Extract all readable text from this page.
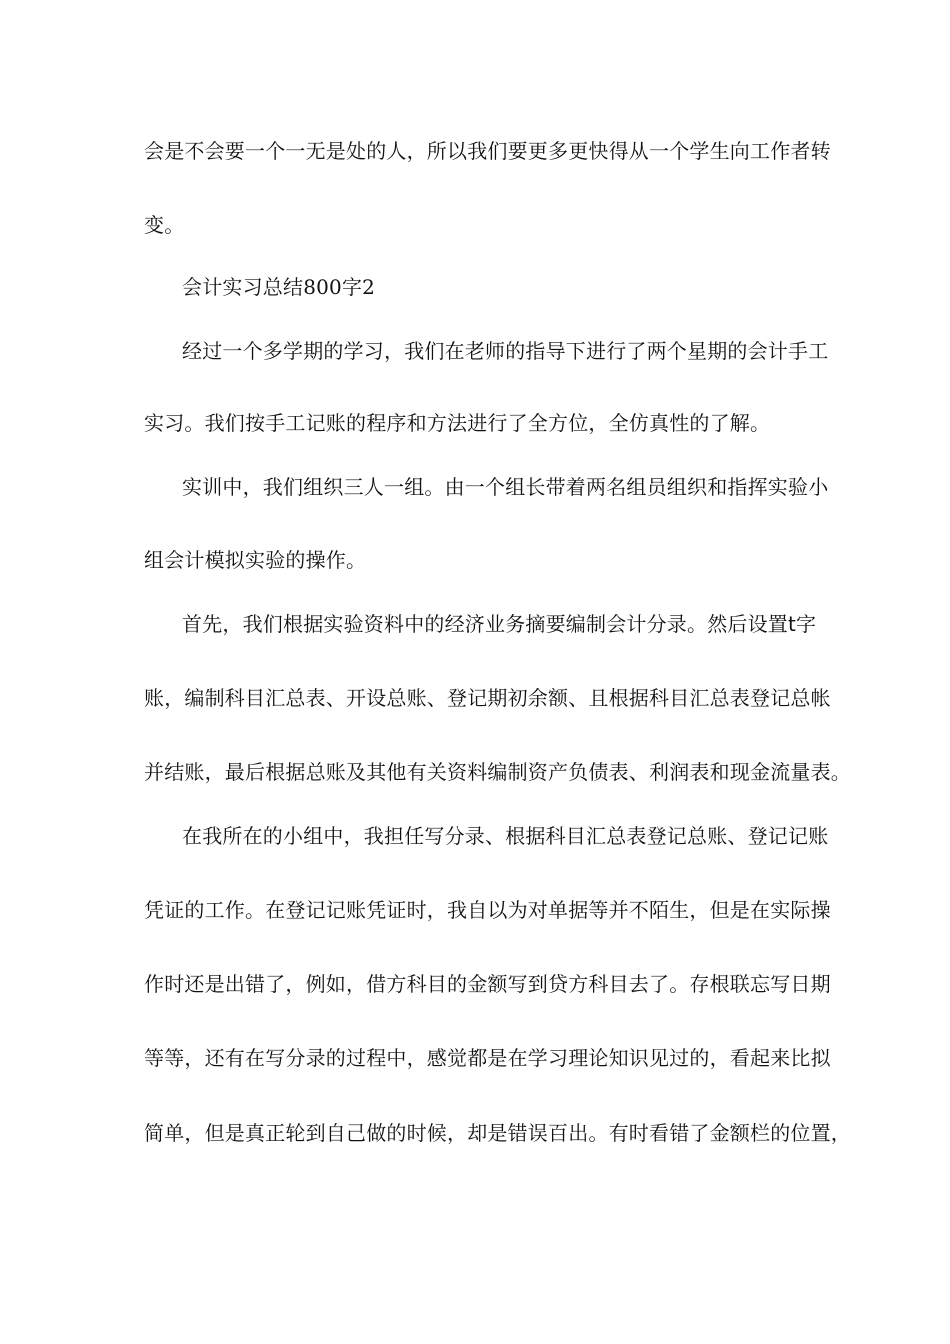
会是不会要一个一无是处的人，所以我们要更多更快得从一个学生向工作者转
变。
会计实习总结800字2
经过一个多学期的学习，我们在老师的指导下进行了两个星期的会计手工
实习。我们按手工记账的程序和方法进行了全方位，全仿真性的了解。
实训中，我们组织三人一组。由一个组长带着两名组员组织和指挥实验小
组会计模拟实验的操作。
首先，我们根据实验资料中的经济业务摘要编制会计分录。然后设置t字
账，编制科目汇总表、开设总账、登记期初余额、且根据科目汇总表登记总帐
并结账，最后根据总账及其他有关资料编制资产负债表、利润表和现金流量表。
在我所在的小组中，我担任写分录、根据科目汇总表登记总账、登记记账
凭证的工作。在登记记账凭证时，我自以为对单据等并不陌生，但是在实际操
作时还是出错了，例如，借方科目的金额写到贷方科目去了。存根联忘写日期
等等，还有在写分录的过程中，感觉都是在学习理论知识见过的，看起来比拟
简单，但是真正轮到自己做的时候，却是错误百出。有时看错了金额栏的位置，
